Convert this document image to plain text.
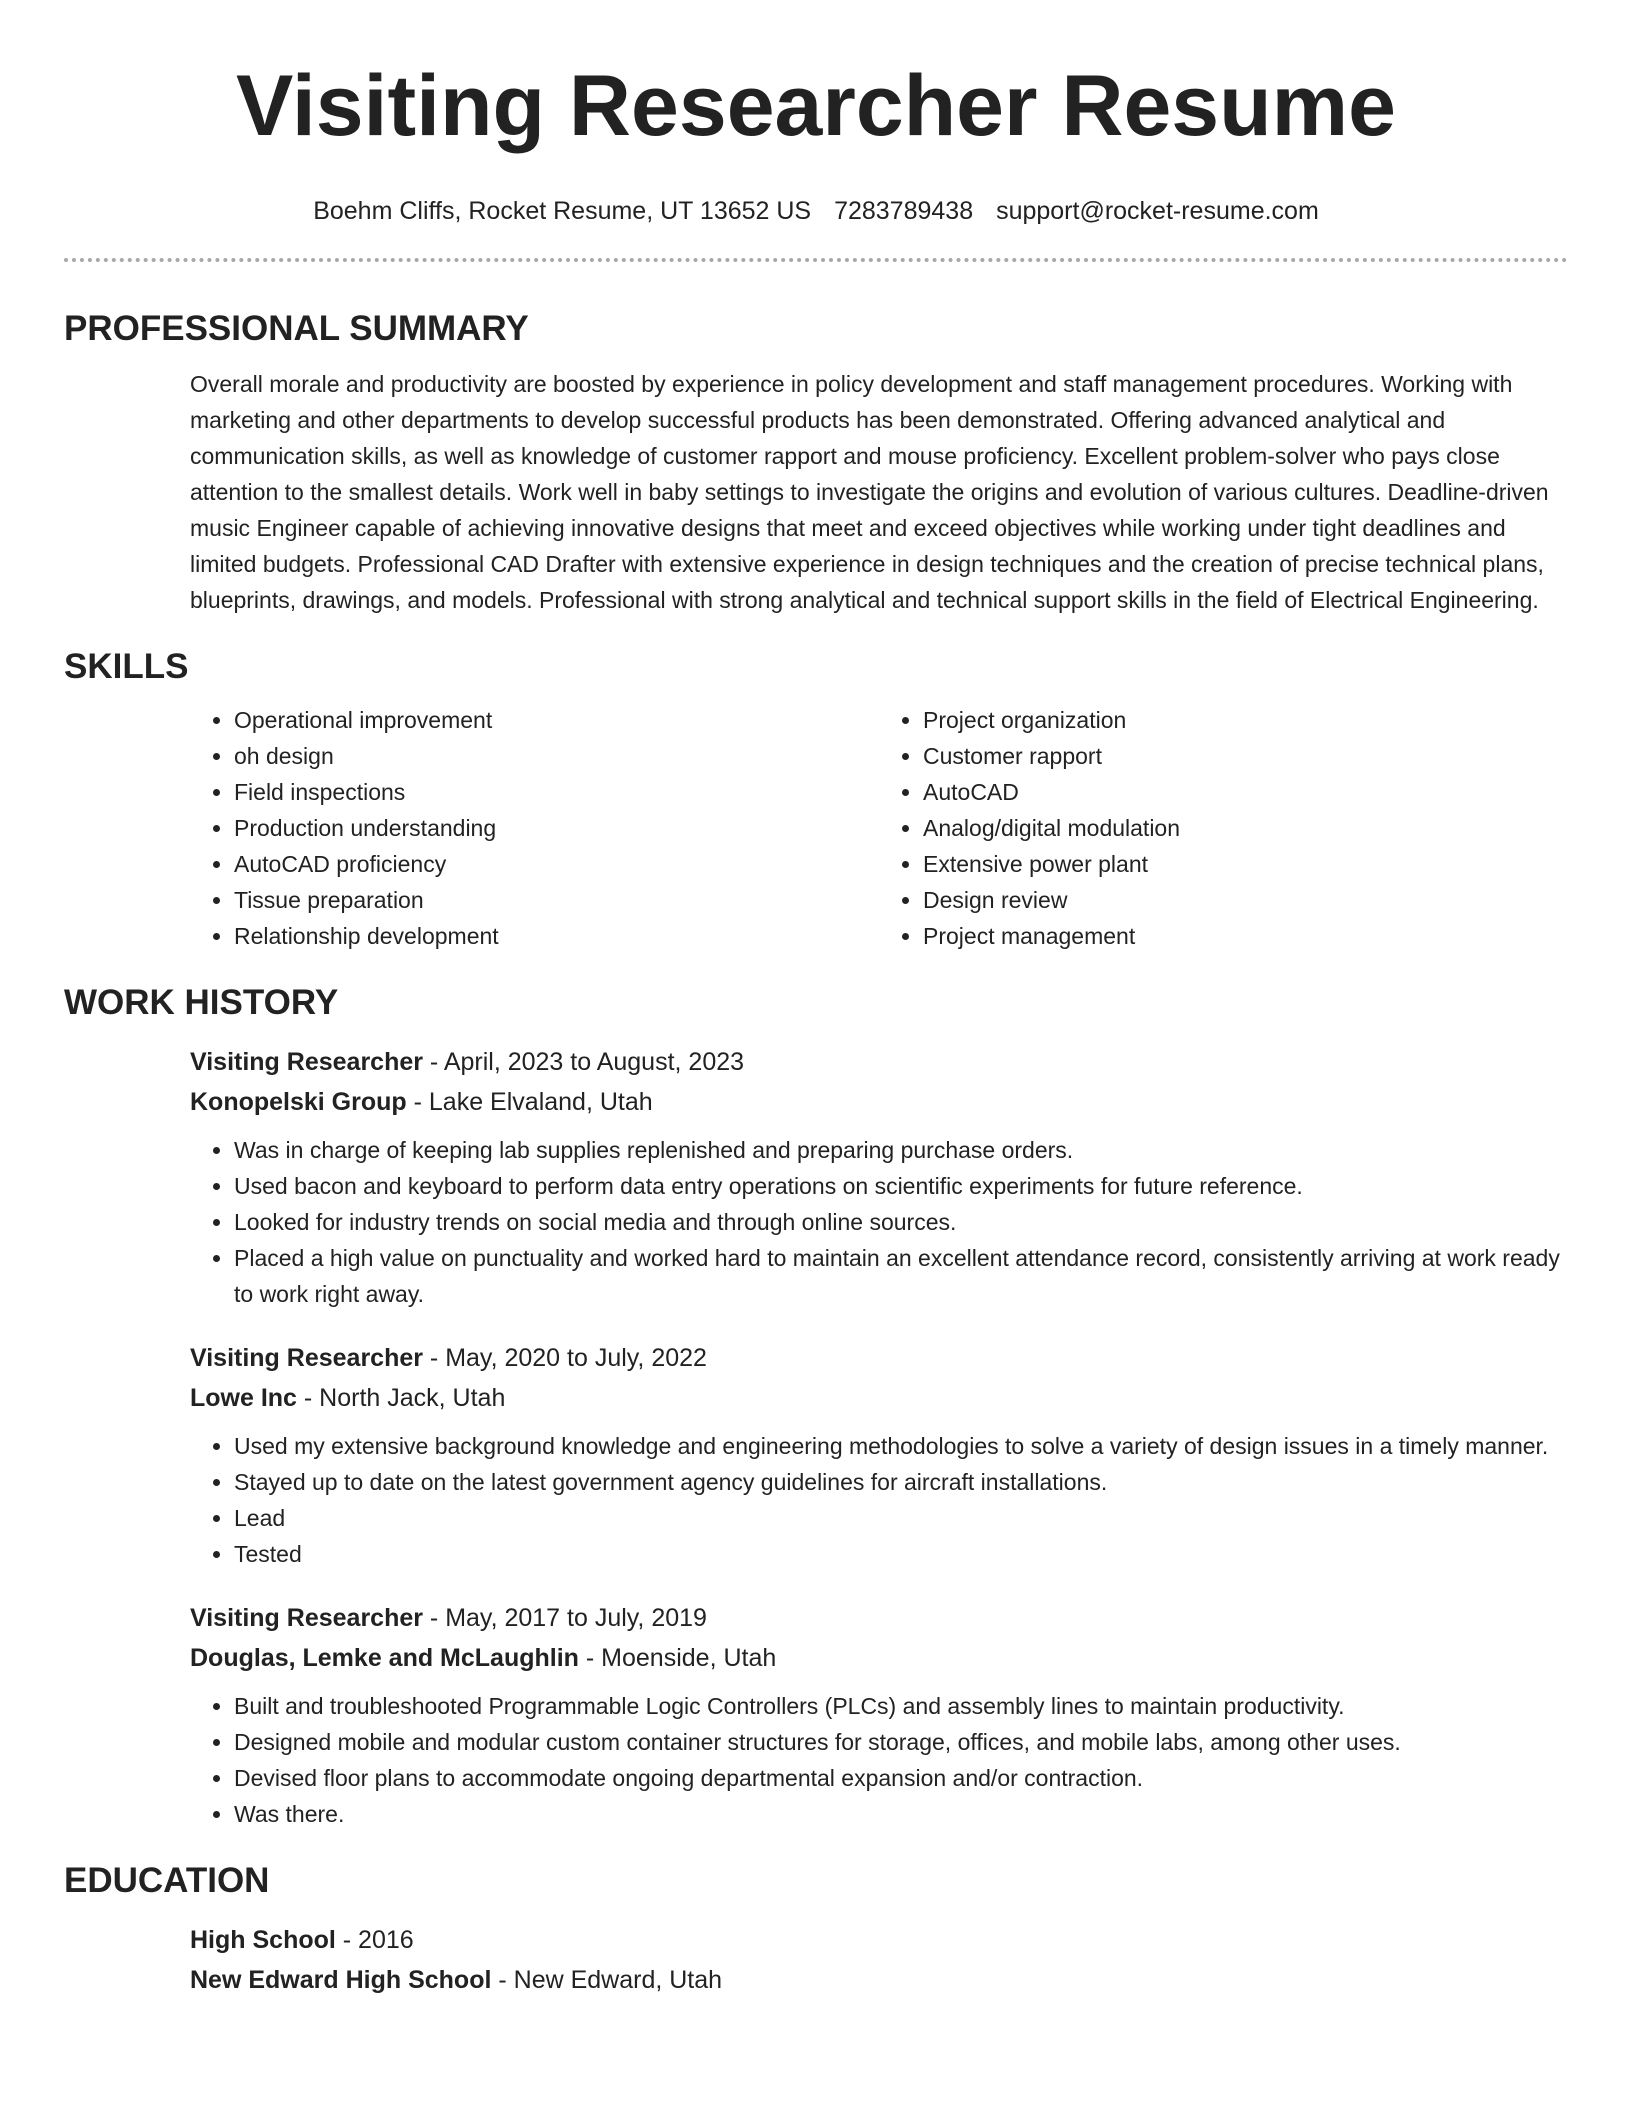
Visiting Researcher Resume
Boehm Cliffs, Rocket Resume, UT 13652 US 7283789438 support@rocket-resume.com
PROFESSIONAL SUMMARY
Overall morale and productivity are boosted by experience in policy development and staff management procedures. Working with marketing and other departments to develop successful products has been demonstrated. Offering advanced analytical and communication skills, as well as knowledge of customer rapport and mouse proficiency. Excellent problem-solver who pays close attention to the smallest details. Work well in baby settings to investigate the origins and evolution of various cultures. Deadline-driven music Engineer capable of achieving innovative designs that meet and exceed objectives while working under tight deadlines and limited budgets. Professional CAD Drafter with extensive experience in design techniques and the creation of precise technical plans, blueprints, drawings, and models. Professional with strong analytical and technical support skills in the field of Electrical Engineering.
SKILLS
• Operational improvement
• oh design
• Field inspections
• Production understanding
• AutoCAD proficiency
• Tissue preparation
• Relationship development
• Project organization
• Customer rapport
• AutoCAD
• Analog/digital modulation
• Extensive power plant
• Design review
• Project management
WORK HISTORY
Visiting Researcher - April, 2023 to August, 2023
Konopelski Group - Lake Elvaland, Utah
• Was in charge of keeping lab supplies replenished and preparing purchase orders.
• Used bacon and keyboard to perform data entry operations on scientific experiments for future reference.
• Looked for industry trends on social media and through online sources.
• Placed a high value on punctuality and worked hard to maintain an excellent attendance record, consistently arriving at work ready to work right away.
Visiting Researcher - May, 2020 to July, 2022
Lowe Inc - North Jack, Utah
• Used my extensive background knowledge and engineering methodologies to solve a variety of design issues in a timely manner.
• Stayed up to date on the latest government agency guidelines for aircraft installations.
• Lead
• Tested
Visiting Researcher - May, 2017 to July, 2019
Douglas, Lemke and McLaughlin - Moenside, Utah
• Built and troubleshooted Programmable Logic Controllers (PLCs) and assembly lines to maintain productivity.
• Designed mobile and modular custom container structures for storage, offices, and mobile labs, among other uses.
• Devised floor plans to accommodate ongoing departmental expansion and/or contraction.
• Was there.
EDUCATION
High School - 2016
New Edward High School - New Edward, Utah
